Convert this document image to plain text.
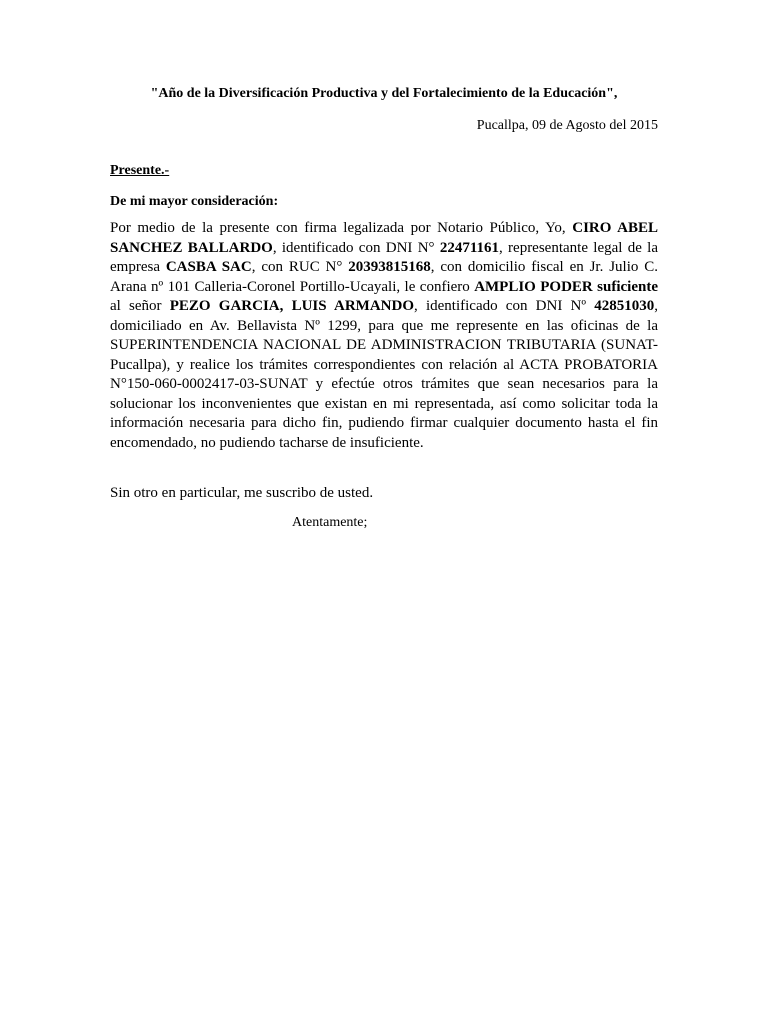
"Año de la Diversificación Productiva y del Fortalecimiento de la Educación",
Pucallpa, 09 de Agosto del 2015
Presente.-
De mi mayor consideración:

Por medio de la presente con firma legalizada por Notario Público, Yo, CIRO ABEL SANCHEZ BALLARDO, identificado con DNI N° 22471161, representante legal de la empresa CASBA SAC, con RUC N° 20393815168, con domicilio fiscal en Jr. Julio C. Arana nº 101 Calleria-Coronel Portillo-Ucayali, le confiero AMPLIO PODER suficiente al señor PEZO GARCIA, LUIS ARMANDO, identificado con DNI Nº 42851030, domiciliado en Av. Bellavista Nº 1299, para que me represente en las oficinas de la SUPERINTENDENCIA NACIONAL DE ADMINISTRACION TRIBUTARIA (SUNAT-Pucallpa), y realice los trámites correspondientes con relación al ACTA PROBATORIA N°150-060-0002417-03-SUNAT y efectúe otros trámites que sean necesarios para la solucionar los inconvenientes que existan en mi representada, así como solicitar toda la información necesaria para dicho fin, pudiendo firmar cualquier documento hasta el fin encomendado, no pudiendo tacharse de insuficiente.

Sin otro en particular, me suscribo de usted.
Atentamente;
